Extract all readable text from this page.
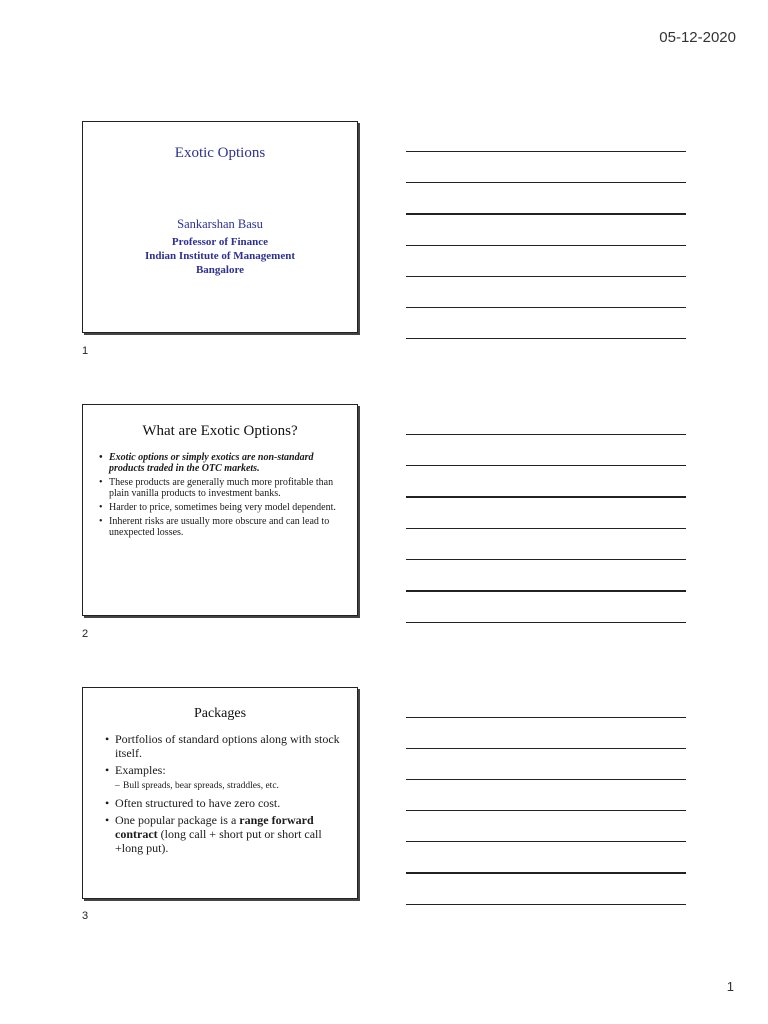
05-12-2020
Exotic Options
Sankarshan Basu
Professor of Finance
Indian Institute of Management
Bangalore
1
What are Exotic Options?
• Exotic options or simply exotics are non-standard products traded in the OTC markets.
• These products are generally much more profitable than plain vanilla products to investment banks.
• Harder to price, sometimes being very model dependent.
• Inherent risks are usually more obscure and can lead to unexpected losses.
2
Packages
• Portfolios of standard options along with stock itself.
• Examples:
– Bull spreads, bear spreads, straddles, etc.
• Often structured to have zero cost.
• One popular package is a range forward contract (long call + short put or short call +long put).
3
1
